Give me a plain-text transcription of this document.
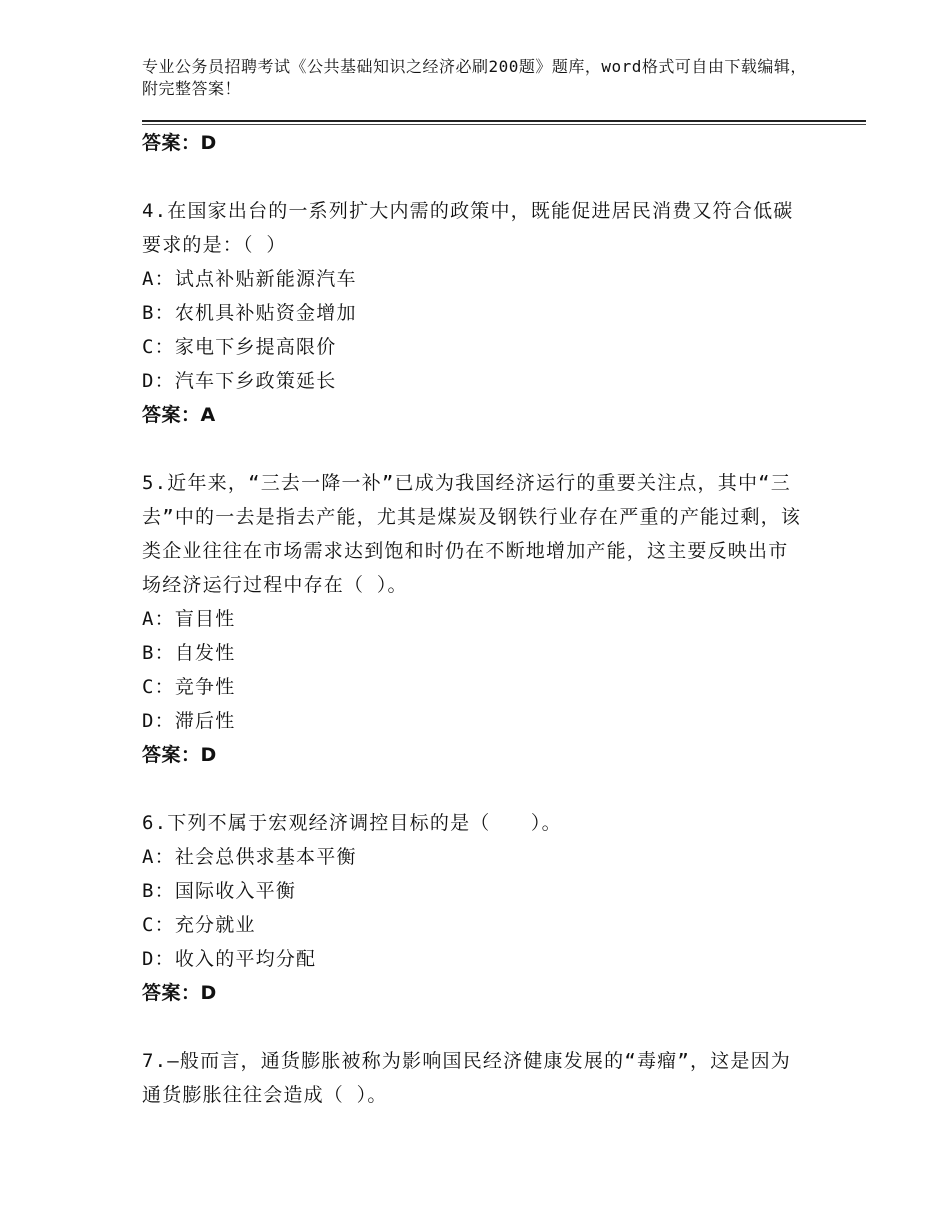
专业公务员招聘考试《公共基础知识之经济必刷200题》题库，word格式可自由下载编辑，附完整答案！
答案：D
4.在国家出台的一系列扩大内需的政策中，既能促进居民消费又符合低碳要求的是：（ ）
A：试点补贴新能源汽车
B：农机具补贴资金增加
C：家电下乡提高限价
D：汽车下乡政策延长
答案：A
5.近年来，“三去一降一补”已成为我国经济运行的重要关注点，其中“三去”中的一去是指去产能，尤其是煤炭及钢铁行业存在严重的产能过剩，该类企业往往在市场需求达到饱和时仍在不断地增加产能，这主要反映出市场经济运行过程中存在（ ）。
A：盲目性
B：自发性
C：竞争性
D：滞后性
答案：D
6.下列不属于宏观经济调控目标的是（　　）。
A：社会总供求基本平衡
B：国际收入平衡
C：充分就业
D：收入的平均分配
答案：D
7.—般而言，通货膨胀被称为影响国民经济健康发展的“毒瘤”，这是因为通货膨胀往往会造成（ ）。
